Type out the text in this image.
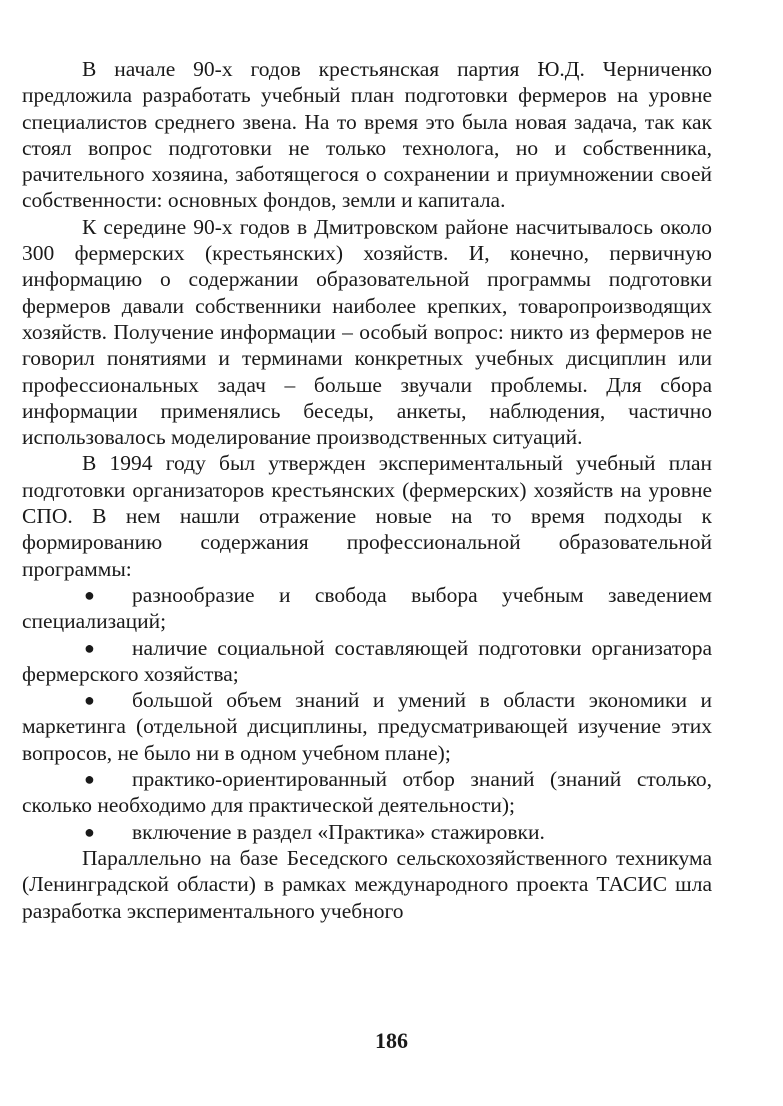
В начале 90-х годов крестьянская партия Ю.Д. Черниченко предложила разработать учебный план подготовки фермеров на уровне специалистов среднего звена. На то время это была новая задача, так как стоял вопрос подготовки не только технолога, но и собственника, рачительного хозяина, заботящегося о сохранении и приумножении своей собственности: основных фондов, земли и капитала.

К середине 90-х годов в Дмитровском районе насчитывалось около 300 фермерских (крестьянских) хозяйств. И, конечно, первичную информацию о содержании образовательной программы подготовки фермеров давали собственники наиболее крепких, товаропроизводящих хозяйств. Получение информации – особый вопрос: никто из фермеров не говорил понятиями и терминами конкретных учебных дисциплин или профессиональных задач – больше звучали проблемы. Для сбора информации применялись беседы, анкеты, наблюдения, частично использовалось моделирование производственных ситуаций.

В 1994 году был утвержден экспериментальный учебный план подготовки организаторов крестьянских (фермерских) хозяйств на уровне СПО. В нем нашли отражение новые на то время подходы к формированию содержания профессиональной образовательной программы:

● разнообразие и свобода выбора учебным заведением специализаций;
● наличие социальной составляющей подготовки организатора фермерского хозяйства;
● большой объем знаний и умений в области экономики и маркетинга (отдельной дисциплины, предусматривающей изучение этих вопросов, не было ни в одном учебном плане);
● практико-ориентированный отбор знаний (знаний столько, сколько необходимо для практической деятельности);
● включение в раздел «Практика» стажировки.

Параллельно на базе Беседского сельскохозяйственного техникума (Ленинградской области) в рамках международного проекта ТАСИС шла разработка экспериментального учебного

186
